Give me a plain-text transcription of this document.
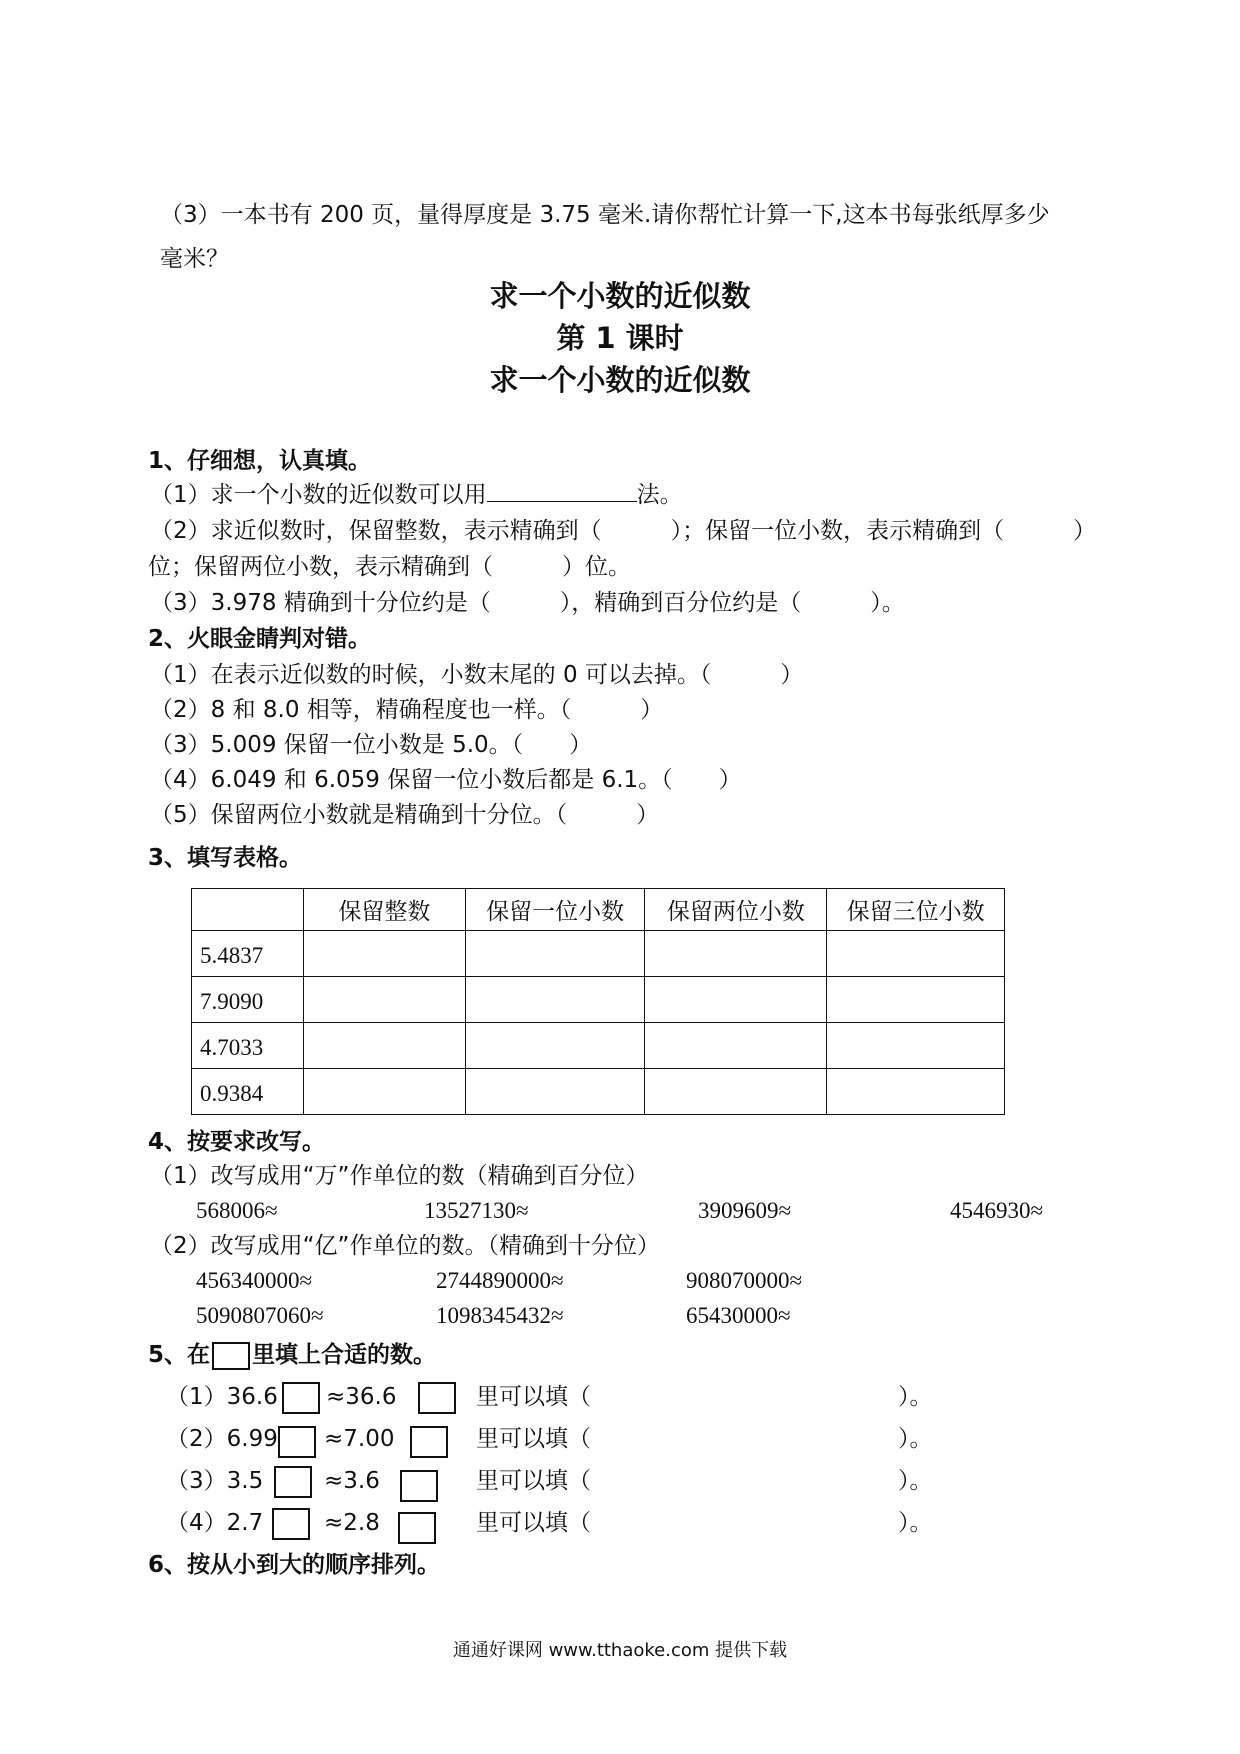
（3）一本书有 200 页，量得厚度是 3.75 毫米.请你帮忙计算一下,这本书每张纸厚多少
毫米？
求一个小数的近似数
第 1 课时
求一个小数的近似数
1、仔细想，认真填。
（1）求一个小数的近似数可以用	法。
（2）求近似数时，保留整数，表示精确到（　　　）；保留一位小数，表示精确到（　　　）
位；保留两位小数，表示精确到（　　　）位。
（3）3.978 精确到十分位约是（　　　），精确到百分位约是（　　　）。
2、火眼金睛判对错。
（1）在表示近似数的时候，小数末尾的 0 可以去掉。（　　　）
（2）8 和 8.0 相等，精确程度也一样。（　　　）
（3）5.009 保留一位小数是 5.0。（　　）
（4）6.049 和 6.059 保留一位小数后都是 6.1。（　　）
（5）保留两位小数就是精确到十分位。（　　　）
3、填写表格。
	保留整数	保留一位小数	保留两位小数	保留三位小数
5.4837				
7.9090				
4.7033				
0.9384				
4、按要求改写。
（1）改写成用“万”作单位的数（精确到百分位）
568006≈	13527130≈	3909609≈	4546930≈
（2）改写成用“亿”作单位的数。（精确到十分位）
456340000≈	2744890000≈	908070000≈
5090807060≈	1098345432≈	65430000≈
5、在 里填上合适的数。
（1）36.6 ≈36.6	里可以填（	）。
（2）6.99 ≈7.00	里可以填（	）。
（3）3.5	≈3.6	里可以填（	）。
（4）2.7	≈2.8	里可以填（	）。
6、按从小到大的顺序排列。
通通好课网 www.tthaoke.com 提供下载
